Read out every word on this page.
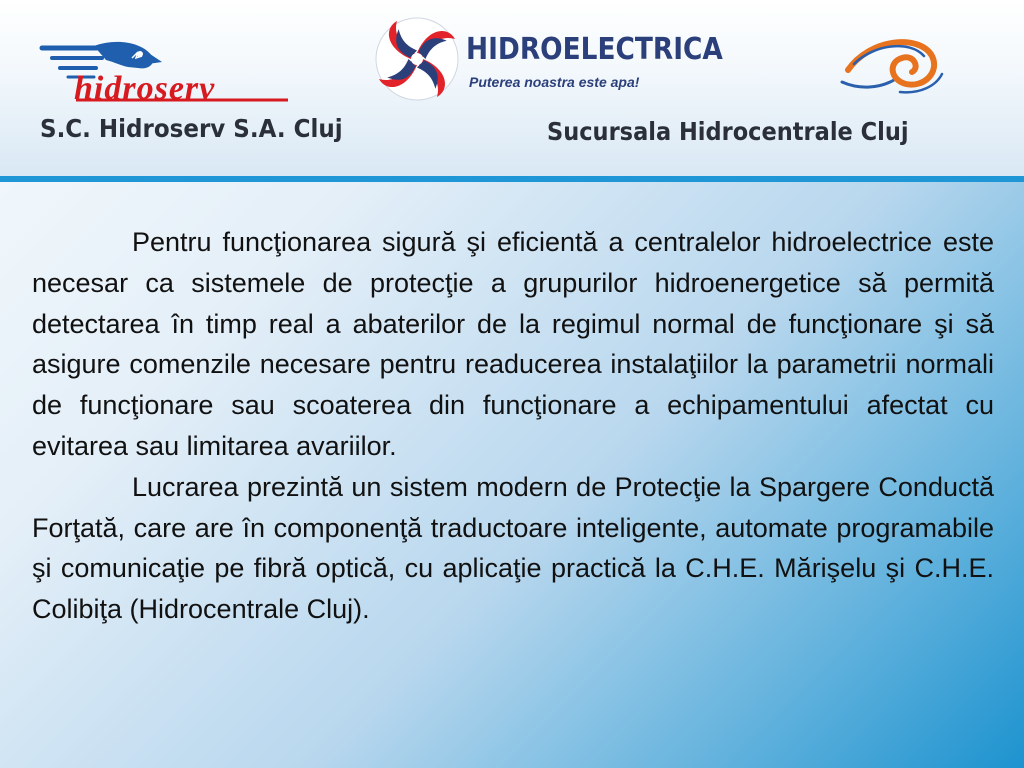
hidroserv
S.C. Hidroserv S.A. Cluj
HIDROELECTRICA
Puterea noastra este apa!
Sucursala Hidrocentrale Cluj

Pentru funcţionarea sigură şi eficientă a centralelor hidroelectrice este necesar ca sistemele de protecţie a grupurilor hidroenergetice să permită detectarea în timp real a abaterilor de la regimul normal de funcţionare şi să asigure comenzile necesare pentru readucerea instalaţiilor la parametrii normali de funcţionare sau scoaterea din funcţionare a echipamentului afectat cu evitarea sau limitarea avariilor.

Lucrarea prezintă un sistem modern de Protecţie la Spargere Conductă Forţată, care are în componenţă traductoare inteligente, automate programabile şi comunicaţie pe fibră optică, cu aplicaţie practică la C.H.E. Mărişelu şi C.H.E. Colibiţa (Hidrocentrale Cluj).
